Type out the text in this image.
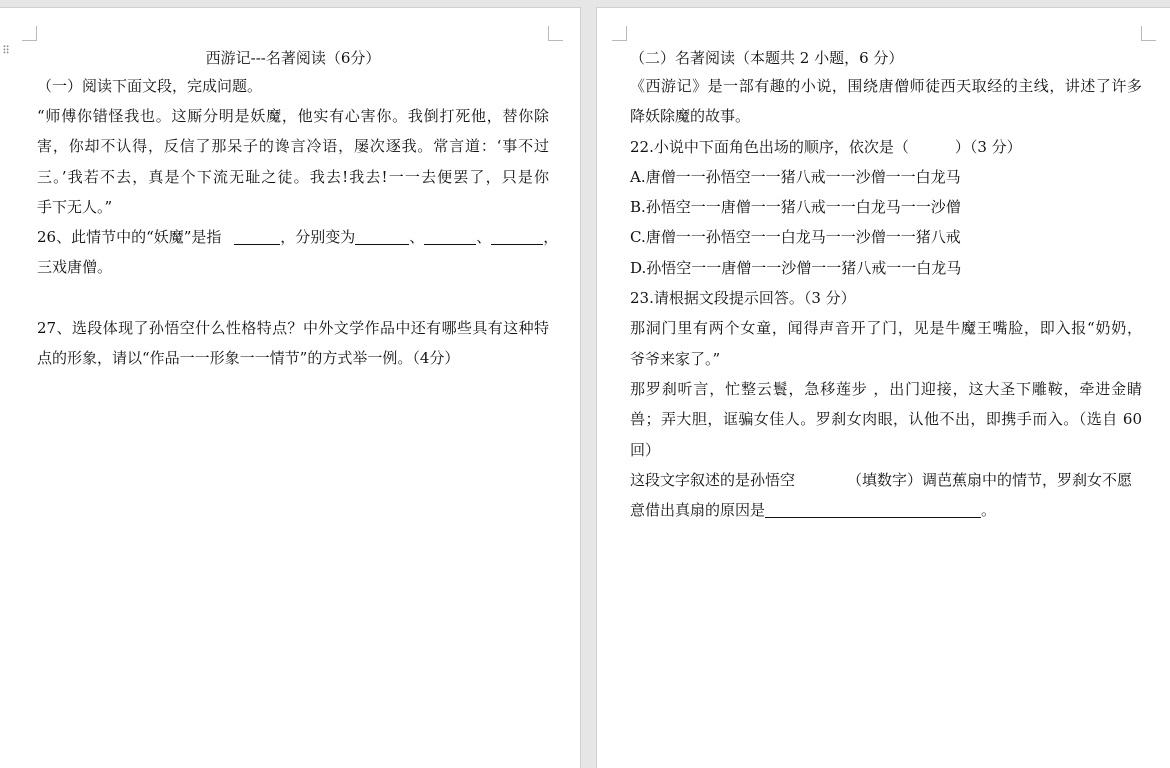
⠿	西游记---名著阅读（6分）
（一）阅读下面文段，完成问题。
“师傅你错怪我也。这厮分明是妖魔，他实有心害你。我倒打死他，替你除
害，你却不认得，反信了那呆子的谗言冷语，屡次逐我。常言道：‘事不过
三。’我若不去，真是个下流无耻之徒。我去!我去!一一去便罢了，只是你
手下无人。”
26、此情节中的“妖魔”是指	，分别变为	、	、	，
三戏唐僧。
27、选段体现了孙悟空什么性格特点？中外文学作品中还有哪些具有这种特
点的形象，请以“作品一一形象一一情节”的方式举一例。（4分）
（二）名著阅读（本题共 2 小题，6 分）
《西游记》是一部有趣的小说，围绕唐僧师徒西天取经的主线，讲述了许多
降妖除魔的故事。
22.小说中下面角色出场的顺序，依次是（	）（3 分）
A.唐僧一一孙悟空一一猪八戒一一沙僧一一白龙马
B.孙悟空一一唐僧一一猪八戒一一白龙马一一沙僧
C.唐僧一一孙悟空一一白龙马一一沙僧一一猪八戒
D.孙悟空一一唐僧一一沙僧一一猪八戒一一白龙马
23.请根据文段提示回答。（3 分）
那洞门里有两个女童，闻得声音开了门，见是牛魔王嘴脸，即入报“奶奶，
爷爷来家了。”
那罗刹听言，忙整云鬟，急移莲步 ，出门迎接，这大圣下雕鞍，牵进金睛
兽；弄大胆，诓骗女佳人。罗刹女肉眼，认他不出，即携手而入。（选自 60
回）
这段文字叙述的是孙悟空	（填数字）调芭蕉扇中的情节，罗刹女不愿
意借出真扇的原因是	。
